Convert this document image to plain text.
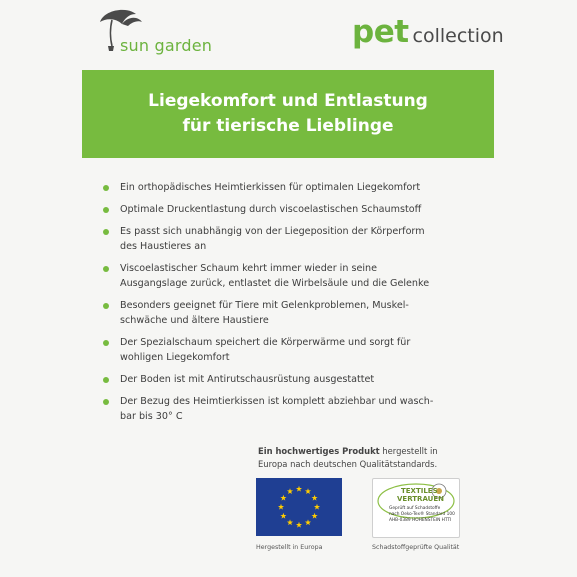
sun garden	pet collection
Liegekomfort und Entlastung
für tierische Lieblinge
Ein orthopädisches Heimtierkissen für optimalen Liegekomfort
Optimale Druckentlastung durch viscoelastischen Schaumstoff
Es passt sich unabhängig von der Liegeposition der Körperform
des Haustieres an
Viscoelastischer Schaum kehrt immer wieder in seine
Ausgangslage zurück, entlastet die Wirbelsäule und die Gelenke
Besonders geeignet für Tiere mit Gelenkproblemen, Muskel-
schwäche und ältere Haustiere
Der Spezialschaum speichert die Körperwärme und sorgt für
wohligen Liegekomfort
Der Boden ist mit Antirutschausrüstung ausgestattet
Der Bezug des Heimtierkissen ist komplett abziehbar und wasch-
bar bis 30° C
Ein hochwertiges Produkt hergestellt in
Europa nach deutschen Qualitätstandards.
Hergestellt in Europa
TEXTILES
VERTRAUEN
Geprüft auf Schadstoffe
nach Oeko-Tex® Standard 100
AHB-0389 HOHENSTEIN HTTI
Schadstoffgeprüfte Qualität
